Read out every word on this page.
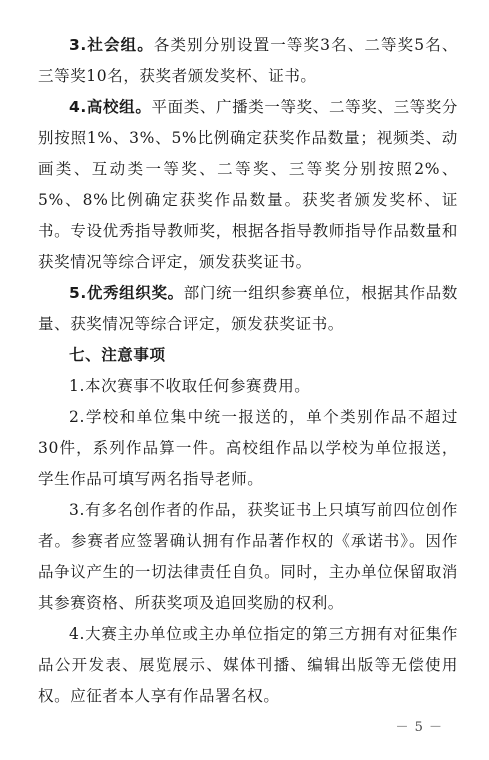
3.社会组。各类别分别设置一等奖3名、二等奖5名、三等奖10名，获奖者颁发奖杯、证书。

4.高校组。平面类、广播类一等奖、二等奖、三等奖分别按照1%、3%、5%比例确定获奖作品数量；视频类、动画类、互动类一等奖、二等奖、三等奖分别按照2%、5%、8%比例确定获奖作品数量。获奖者颁发奖杯、证书。专设优秀指导教师奖，根据各指导教师指导作品数量和获奖情况等综合评定，颁发获奖证书。

5.优秀组织奖。部门统一组织参赛单位，根据其作品数量、获奖情况等综合评定，颁发获奖证书。

七、注意事项

1.本次赛事不收取任何参赛费用。

2.学校和单位集中统一报送的，单个类别作品不超过30件，系列作品算一件。高校组作品以学校为单位报送，学生作品可填写两名指导老师。

3.有多名创作者的作品，获奖证书上只填写前四位创作者。参赛者应签署确认拥有作品著作权的《承诺书》。因作品争议产生的一切法律责任自负。同时，主办单位保留取消其参赛资格、所获奖项及追回奖励的权利。

4.大赛主办单位或主办单位指定的第三方拥有对征集作品公开发表、展览展示、媒体刊播、编辑出版等无偿使用权。应征者本人享有作品署名权。

－ 5 －
